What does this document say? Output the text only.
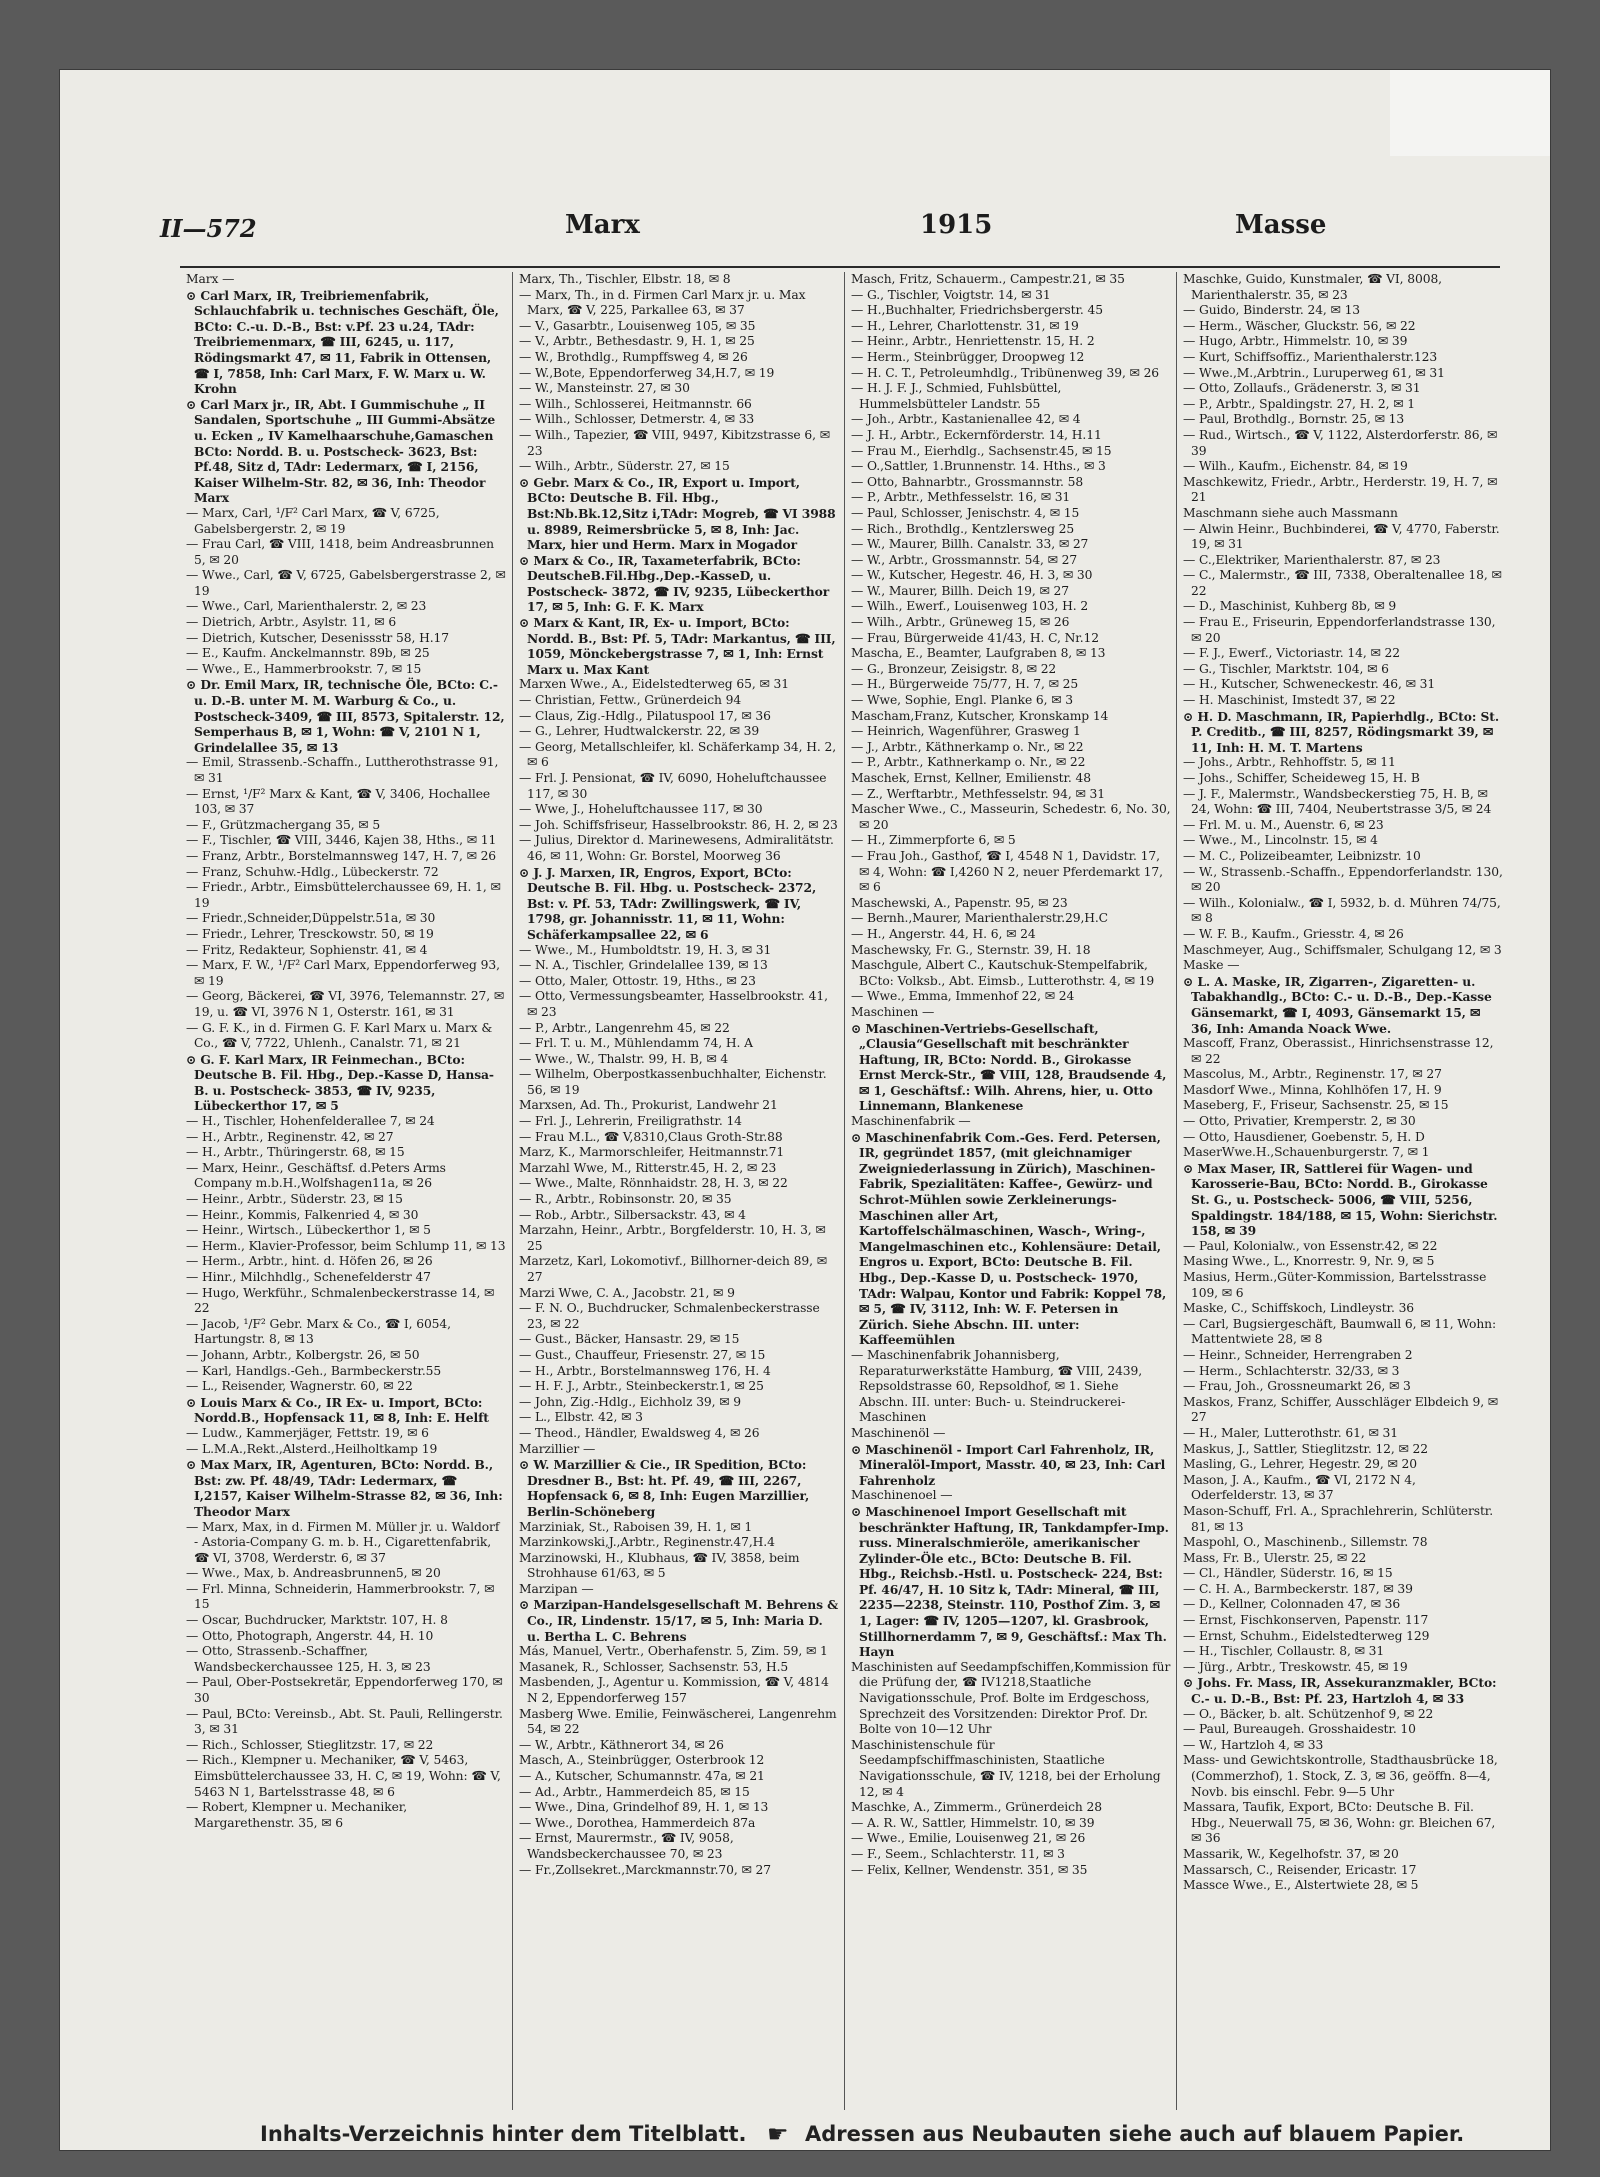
II—572	Marx	1915	Masse

Marx —

⊙ Carl Marx, IR, Treibriemenfabrik, Schlauchfabrik u. technisches Geschäft, Öle, BCto: C.-u. D.-B., Bst: v.Pf. 23 u.24, TAdr: Treibriemenmarx, ☎ III, 6245, u. 117, Rödingsmarkt 47, ✉ 11, Fabrik in Ottensen, ☎ I, 7858, Inh: Carl Marx, F. W. Marx u. W. Krohn

⊙ Carl Marx jr., IR, Abt. I Gummischuhe „ II Sandalen, Sportschuhe „ III Gummi-Absätze u. Ecken „ IV Kamelhaarschuhe,Gamaschen BCto: Nordd. B. u. Postscheck- 3623, Bst: Pf.48, Sitz d, TAdr: Ledermarx, ☎ I, 2156, Kaiser Wilhelm-Str. 82, ✉ 36, Inh: Theodor Marx

— Marx, Carl, ¹/F² Carl Marx, ☎ V, 6725, Gabelsbergerstr. 2, ✉ 19

— Frau Carl, ☎ VIII, 1418, beim Andreasbrunnen 5, ✉ 20

— Wwe., Carl, ☎ V, 6725, Gabelsbergerstrasse 2, ✉ 19

— Wwe., Carl, Marienthalerstr. 2, ✉ 23

— Dietrich, Arbtr., Asylstr. 11, ✉ 6

— Dietrich, Kutscher, Desenissstr 58, H.17

— E., Kaufm. Anckelmannstr. 89b, ✉ 25

— Wwe., E., Hammerbrookstr. 7, ✉ 15

⊙ Dr. Emil Marx, IR, technische Öle, BCto: C.- u. D.-B. unter M. M. Warburg & Co., u. Postscheck-3409, ☎ III, 8573, Spitalerstr. 12, Semperhaus B, ✉ 1, Wohn: ☎ V, 2101 N 1, Grindelallee 35, ✉ 13

— Emil, Strassenb.-Schaffn., Luttherothstrasse 91, ✉ 31

— Ernst, ¹/F² Marx & Kant, ☎ V, 3406, Hochallee 103, ✉ 37

— F., Grützmachergang 35, ✉ 5

— F., Tischler, ☎ VIII, 3446, Kajen 38, Hths., ✉ 11

— Franz, Arbtr., Borstelmannsweg 147, H. 7, ✉ 26

— Franz, Schuhw.-Hdlg., Lübeckerstr. 72

— Friedr., Arbtr., Eimsbüttelerchaussee 69, H. 1, ✉ 19

— Friedr.,Schneider,Düppelstr.51a, ✉ 30

— Friedr., Lehrer, Tresckowstr. 50, ✉ 19

— Fritz, Redakteur, Sophienstr. 41, ✉ 4

— Marx, F. W., ¹/F² Carl Marx, Eppendorferweg 93, ✉ 19

— Georg, Bäckerei, ☎ VI, 3976, Telemannstr. 27, ✉ 19, u. ☎ VI, 3976 N 1, Osterstr. 161, ✉ 31

— G. F. K., in d. Firmen G. F. Karl Marx u. Marx & Co., ☎ V, 7722, Uhlenh., Canalstr. 71, ✉ 21

⊙ G. F. Karl Marx, IR Feinmechan., BCto: Deutsche B. Fil. Hbg., Dep.-Kasse D, Hansa-B. u. Postscheck- 3853, ☎ IV, 9235, Lübeckerthor 17, ✉ 5

— H., Tischler, Hohenfelderallee 7, ✉ 24

— H., Arbtr., Reginenstr. 42, ✉ 27

— H., Arbtr., Thüringerstr. 68, ✉ 15

— Marx, Heinr., Geschäftsf. d.Peters Arms Company m.b.H.,Wolfshagen11a, ✉ 26

— Heinr., Arbtr., Süderstr. 23, ✉ 15

— Heinr., Kommis, Falkenried 4, ✉ 30

— Heinr., Wirtsch., Lübeckerthor 1, ✉ 5

— Herm., Klavier-Professor, beim Schlump 11, ✉ 13

— Herm., Arbtr., hint. d. Höfen 26, ✉ 26

— Hinr., Milchhdlg., Schenefelderstr 47

— Hugo, Werkführ., Schmalenbeckerstrasse 14, ✉ 22

— Jacob, ¹/F² Gebr. Marx & Co., ☎ I, 6054, Hartungstr. 8, ✉ 13

— Johann, Arbtr., Kolbergstr. 26, ✉ 50

— Karl, Handlgs.-Geh., Barmbeckerstr.55

— L., Reisender, Wagnerstr. 60, ✉ 22

⊙ Louis Marx & Co., IR Ex- u. Import, BCto: Nordd.B., Hopfensack 11, ✉ 8, Inh: E. Helft

— Ludw., Kammerjäger, Fettstr. 19, ✉ 6

— L.M.A.,Rekt.,Alsterd.,Heilholtkamp 19

⊙ Max Marx, IR, Agenturen, BCto: Nordd. B., Bst: zw. Pf. 48/49, TAdr: Ledermarx, ☎ I,2157, Kaiser Wilhelm-Strasse 82, ✉ 36, Inh: Theodor Marx

— Marx, Max, in d. Firmen M. Müller jr. u. Waldorf - Astoria-Company G. m. b. H., Cigarettenfabrik, ☎ VI, 3708, Werderstr. 6, ✉ 37

— Wwe., Max, b. Andreasbrunnen5, ✉ 20

— Frl. Minna, Schneiderin, Hammerbrookstr. 7, ✉ 15

— Oscar, Buchdrucker, Marktstr. 107, H. 8

— Otto, Photograph, Angerstr. 44, H. 10

— Otto, Strassenb.-Schaffner, Wandsbeckerchaussee 125, H. 3, ✉ 23

— Paul, Ober-Postsekretär, Eppendorferweg 170, ✉ 30

— Paul, BCto: Vereinsb., Abt. St. Pauli, Rellingerstr. 3, ✉ 31

— Rich., Schlosser, Stieglitzstr. 17, ✉ 22

— Rich., Klempner u. Mechaniker, ☎ V, 5463, Eimsbüttelerchaussee 33, H. C, ✉ 19, Wohn: ☎ V, 5463 N 1, Bartelsstrasse 48, ✉ 6

— Robert, Klempner u. Mechaniker, Margarethenstr. 35, ✉ 6

Marx, Th., Tischler, Elbstr. 18, ✉ 8

— Marx, Th., in d. Firmen Carl Marx jr. u. Max Marx, ☎ V, 225, Parkallee 63, ✉ 37

— V., Gasarbtr., Louisenweg 105, ✉ 35

— V., Arbtr., Bethesdastr. 9, H. 1, ✉ 25

— W., Brothdlg., Rumpffsweg 4, ✉ 26

— W.,Bote, Eppendorferweg 34,H.7, ✉ 19

— W., Mansteinstr. 27, ✉ 30

— Wilh., Schlosserei, Heitmannstr. 66

— Wilh., Schlosser, Detmerstr. 4, ✉ 33

— Wilh., Tapezier, ☎ VIII, 9497, Kibitzstrasse 6, ✉ 23

— Wilh., Arbtr., Süderstr. 27, ✉ 15

⊙ Gebr. Marx & Co., IR, Export u. Import, BCto: Deutsche B. Fil. Hbg., Bst:Nb.Bk.12,Sitz i,TAdr: Mogreb, ☎ VI 3988 u. 8989, Reimersbrücke 5, ✉ 8, Inh: Jac. Marx, hier und Herm. Marx in Mogador

⊙ Marx & Co., IR, Taxameterfabrik, BCto: DeutscheB.Fil.Hbg.,Dep.-KasseD, u. Postscheck- 3872, ☎ IV, 9235, Lübeckerthor 17, ✉ 5, Inh: G. F. K. Marx

⊙ Marx & Kant, IR, Ex- u. Import, BCto: Nordd. B., Bst: Pf. 5, TAdr: Markantus, ☎ III, 1059, Mönckebergstrasse 7, ✉ 1, Inh: Ernst Marx u. Max Kant

Marxen Wwe., A., Eidelstedterweg 65, ✉ 31

— Christian, Fettw., Grünerdeich 94

— Claus, Zig.-Hdlg., Pilatuspool 17, ✉ 36

— G., Lehrer, Hudtwalckerstr. 22, ✉ 39

— Georg, Metallschleifer, kl. Schäferkamp 34, H. 2, ✉ 6

— Frl. J. Pensionat, ☎ IV, 6090, Hoheluftchaussee 117, ✉ 30

— Wwe, J., Hoheluftchaussee 117, ✉ 30

— Joh. Schiffsfriseur, Hasselbrookstr. 86, H. 2, ✉ 23

— Julius, Direktor d. Marinewesens, Admiralitätstr. 46, ✉ 11, Wohn: Gr. Borstel, Moorweg 36

⊙ J. J. Marxen, IR, Engros, Export, BCto: Deutsche B. Fil. Hbg. u. Postscheck- 2372, Bst: v. Pf. 53, TAdr: Zwillingswerk, ☎ IV, 1798, gr. Johannisstr. 11, ✉ 11, Wohn: Schäferkampsallee 22, ✉ 6

— Wwe., M., Humboldtstr. 19, H. 3, ✉ 31

— N. A., Tischler, Grindelallee 139, ✉ 13

— Otto, Maler, Ottostr. 19, Hths., ✉ 23

— Otto, Vermessungsbeamter, Hasselbrookstr. 41, ✉ 23

— P., Arbtr., Langenrehm 45, ✉ 22

— Frl. T. u. M., Mühlendamm 74, H. A

— Wwe., W., Thalstr. 99, H. B, ✉ 4

— Wilhelm, Oberpostkassenbuchhalter, Eichenstr. 56, ✉ 19

Marxsen, Ad. Th., Prokurist, Landwehr 21

— Frl. J., Lehrerin, Freiligrathstr. 14

— Frau M.L., ☎ V,8310,Claus Groth-Str.88

Marz, K., Marmorschleifer, Heitmannstr.71

Marzahl Wwe, M., Ritterstr.45, H. 2, ✉ 23

— Wwe., Malte, Rönnhaidstr. 28, H. 3, ✉ 22

— R., Arbtr., Robinsonstr. 20, ✉ 35

— Rob., Arbtr., Silbersackstr. 43, ✉ 4

Marzahn, Heinr., Arbtr., Borgfelderstr. 10, H. 3, ✉ 25

Marzetz, Karl, Lokomotivf., Billhorner-deich 89, ✉ 27

Marzi Wwe, C. A., Jacobstr. 21, ✉ 9

— F. N. O., Buchdrucker, Schmalenbeckerstrasse 23, ✉ 22

— Gust., Bäcker, Hansastr. 29, ✉ 15

— Gust., Chauffeur, Friesenstr. 27, ✉ 15

— H., Arbtr., Borstelmannsweg 176, H. 4

— H. F. J., Arbtr., Steinbeckerstr.1, ✉ 25

— John, Zig.-Hdlg., Eichholz 39, ✉ 9

— L., Elbstr. 42, ✉ 3

— Theod., Händler, Ewaldsweg 4, ✉ 26

Marzillier —

⊙ W. Marzillier & Cie., IR Spedition, BCto: Dresdner B., Bst: ht. Pf. 49, ☎ III, 2267, Hopfensack 6, ✉ 8, Inh: Eugen Marzillier, Berlin-Schöneberg

Marziniak, St., Raboisen 39, H. 1, ✉ 1

Marzinkowski,J.,Arbtr., Reginenstr.47,H.4

Marzinowski, H., Klubhaus, ☎ IV, 3858, beim Strohhause 61/63, ✉ 5

Marzipan —

⊙ Marzipan-Handelsgesellschaft M. Behrens & Co., IR, Lindenstr. 15/17, ✉ 5, Inh: Maria D. u. Bertha L. C. Behrens

Más, Manuel, Vertr., Oberhafenstr. 5, Zim. 59, ✉ 1

Masanek, R., Schlosser, Sachsenstr. 53, H.5

Masbenden, J., Agentur u. Kommission, ☎ V, 4814 N 2, Eppendorferweg 157

Masberg Wwe. Emilie, Feinwäscherei, Langenrehm 54, ✉ 22

— W., Arbtr., Käthnerort 34, ✉ 26

Masch, A., Steinbrügger, Osterbrook 12

— A., Kutscher, Schumannstr. 47a, ✉ 21

— Ad., Arbtr., Hammerdeich 85, ✉ 15

— Wwe., Dina, Grindelhof 89, H. 1, ✉ 13

— Wwe., Dorothea, Hammerdeich 87a

— Ernst, Maurermstr., ☎ IV, 9058, Wandsbeckerchaussee 70, ✉ 23

— Fr.,Zollsekret.,Marckmannstr.70, ✉ 27

Masch, Fritz, Schauerm., Campestr.21, ✉ 35

— G., Tischler, Voigtstr. 14, ✉ 31

— H.,Buchhalter, Friedrichsbergerstr. 45

— H., Lehrer, Charlottenstr. 31, ✉ 19

— Heinr., Arbtr., Henriettenstr. 15, H. 2

— Herm., Steinbrügger, Droopweg 12

— H. C. T., Petroleumhdlg., Tribünenweg 39, ✉ 26

— H. J. F. J., Schmied, Fuhlsbüttel, Hummelsbütteler Landstr. 55

— Joh., Arbtr., Kastanienallee 42, ✉ 4

— J. H., Arbtr., Eckernförderstr. 14, H.11

— Frau M., Eierhdlg., Sachsenstr.45, ✉ 15

— O.,Sattler, 1.Brunnenstr. 14. Hths., ✉ 3

— Otto, Bahnarbtr., Grossmannstr. 58

— P., Arbtr., Methfesselstr. 16, ✉ 31

— Paul, Schlosser, Jenischstr. 4, ✉ 15

— Rich., Brothdlg., Kentzlersweg 25

— W., Maurer, Billh. Canalstr. 33, ✉ 27

— W., Arbtr., Grossmannstr. 54, ✉ 27

— W., Kutscher, Hegestr. 46, H. 3, ✉ 30

— W., Maurer, Billh. Deich 19, ✉ 27

— Wilh., Ewerf., Louisenweg 103, H. 2

— Wilh., Arbtr., Grüneweg 15, ✉ 26

— Frau, Bürgerweide 41/43, H. C, Nr.12

Mascha, E., Beamter, Laufgraben 8, ✉ 13

— G., Bronzeur, Zeisigstr. 8, ✉ 22

— H., Bürgerweide 75/77, H. 7, ✉ 25

— Wwe, Sophie, Engl. Planke 6, ✉ 3

Mascham,Franz, Kutscher, Kronskamp 14

— Heinrich, Wagenführer, Grasweg 1

— J., Arbtr., Käthnerkamp o. Nr., ✉ 22

— P., Arbtr., Kathnerkamp o. Nr., ✉ 22

Maschek, Ernst, Kellner, Emilienstr. 48

— Z., Werftarbtr., Methfesselstr. 94, ✉ 31

Mascher Wwe., C., Masseurin, Schedestr. 6, No. 30, ✉ 20

— H., Zimmerpforte 6, ✉ 5

— Frau Joh., Gasthof, ☎ I, 4548 N 1, Davidstr. 17, ✉ 4, Wohn: ☎ I,4260 N 2, neuer Pferdemarkt 17, ✉ 6

Maschewski, A., Papenstr. 95, ✉ 23

— Bernh.,Maurer, Marienthalerstr.29,H.C

— H., Angerstr. 44, H. 6, ✉ 24

Maschewsky, Fr. G., Sternstr. 39, H. 18

Maschgule, Albert C., Kautschuk-Stempelfabrik, BCto: Volksb., Abt. Eimsb., Lutterothstr. 4, ✉ 19

— Wwe., Emma, Immenhof 22, ✉ 24

Maschinen —

⊙ Maschinen-Vertriebs-Gesellschaft,„Clausia“Gesellschaft mit beschränkter Haftung, IR, BCto: Nordd. B., Girokasse Ernst Merck-Str., ☎ VIII, 128, Braudsende 4, ✉ 1, Geschäftsf.: Wilh. Ahrens, hier, u. Otto Linnemann, Blankenese

Maschinenfabrik —

⊙ Maschinenfabrik Com.-Ges. Ferd. Petersen, IR, gegründet 1857, (mit gleichnamiger Zweigniederlassung in Zürich), Maschinen-Fabrik, Spezialitäten: Kaffee-, Gewürz- und Schrot-Mühlen sowie Zerkleinerungs-Maschinen aller Art, Kartoffelschälmaschinen, Wasch-, Wring-, Mangelmaschinen etc., Kohlensäure: Detail, Engros u. Export, BCto: Deutsche B. Fil. Hbg., Dep.-Kasse D, u. Postscheck- 1970, TAdr: Walpau, Kontor und Fabrik: Koppel 78, ✉ 5, ☎ IV, 3112, Inh: W. F. Petersen in Zürich. Siehe Abschn. III. unter: Kaffeemühlen

— Maschinenfabrik Johannisberg, Reparaturwerkstätte Hamburg, ☎ VIII, 2439, Repsoldstrasse 60, Repsoldhof, ✉ 1. Siehe Abschn. III. unter: Buch- u. Steindruckerei-Maschinen

Maschinenöl —

⊙ Maschinenöl - Import Carl Fahrenholz, IR, Mineralöl-Import, Masstr. 40, ✉ 23, Inh: Carl Fahrenholz

Maschinenoel —

⊙ Maschinenoel Import Gesellschaft mit beschränkter Haftung, IR, Tankdampfer-Imp. russ. Mineralschmieröle, amerikanischer Zylinder-Öle etc., BCto: Deutsche B. Fil. Hbg., Reichsb.-Hstl. u. Postscheck- 224, Bst: Pf. 46/47, H. 10 Sitz k, TAdr: Mineral, ☎ III, 2235—2238, Steinstr. 110, Posthof Zim. 3, ✉ 1, Lager: ☎ IV, 1205—1207, kl. Grasbrook, Stillhornerdamm 7, ✉ 9, Geschäftsf.: Max Th. Hayn

Maschinisten auf Seedampfschiffen,Kommission für die Prüfung der, ☎ IV1218,Staatliche Navigationsschule, Prof. Bolte im Erdgeschoss, Sprechzeit des Vorsitzenden: Direktor Prof. Dr. Bolte von 10—12 Uhr

Maschinistenschule für Seedampfschiffmaschinisten, Staatliche Navigationsschule, ☎ IV, 1218, bei der Erholung 12, ✉ 4

Maschke, A., Zimmerm., Grünerdeich 28

— A. R. W., Sattler, Himmelstr. 10, ✉ 39

— Wwe., Emilie, Louisenweg 21, ✉ 26

— F., Seem., Schlachterstr. 11, ✉ 3

— Felix, Kellner, Wendenstr. 351, ✉ 35

Maschke, Guido, Kunstmaler, ☎ VI, 8008, Marienthalerstr. 35, ✉ 23

— Guido, Binderstr. 24, ✉ 13

— Herm., Wäscher, Gluckstr. 56, ✉ 22

— Hugo, Arbtr., Himmelstr. 10, ✉ 39

— Kurt, Schiffsoffiz., Marienthalerstr.123

— Wwe.,M.,Arbtrin., Luruperweg 61, ✉ 31

— Otto, Zollaufs., Grädenerstr. 3, ✉ 31

— P., Arbtr., Spaldingstr. 27, H. 2, ✉ 1

— Paul, Brothdlg., Bornstr. 25, ✉ 13

— Rud., Wirtsch., ☎ V, 1122, Alsterdorferstr. 86, ✉ 39

— Wilh., Kaufm., Eichenstr. 84, ✉ 19

Maschkewitz, Friedr., Arbtr., Herderstr. 19, H. 7, ✉ 21

Maschmann siehe auch Massmann

— Alwin Heinr., Buchbinderei, ☎ V, 4770, Faberstr. 19, ✉ 31

— C.,Elektriker, Marienthalerstr. 87, ✉ 23

— C., Malermstr., ☎ III, 7338, Oberaltenallee 18, ✉ 22

— D., Maschinist, Kuhberg 8b, ✉ 9

— Frau E., Friseurin, Eppendorferlandstrasse 130, ✉ 20

— F. J., Ewerf., Victoriastr. 14, ✉ 22

— G., Tischler, Marktstr. 104, ✉ 6

— H., Kutscher, Schweneckestr. 46, ✉ 31

— H. Maschinist, Imstedt 37, ✉ 22

⊙ H. D. Maschmann, IR, Papierhdlg., BCto: St. P. Creditb., ☎ III, 8257, Rödingsmarkt 39, ✉ 11, Inh: H. M. T. Martens

— Johs., Arbtr., Rehhoffstr. 5, ✉ 11

— Johs., Schiffer, Scheideweg 15, H. B

— J. F., Malermstr., Wandsbeckerstieg 75, H. B, ✉ 24, Wohn: ☎ III, 7404, Neubertstrasse 3/5, ✉ 24

— Frl. M. u. M., Auenstr. 6, ✉ 23

— Wwe., M., Lincolnstr. 15, ✉ 4

— M. C., Polizeibeamter, Leibnizstr. 10

— W., Strassenb.-Schaffn., Eppendorferlandstr. 130, ✉ 20

— Wilh., Kolonialw., ☎ I, 5932, b. d. Mühren 74/75, ✉ 8

— W. F. B., Kaufm., Griesstr. 4, ✉ 26

Maschmeyer, Aug., Schiffsmaler, Schulgang 12, ✉ 3

Maske —

⊙ L. A. Maske, IR, Zigarren-, Zigaretten- u. Tabakhandlg., BCto: C.- u. D.-B., Dep.-Kasse Gänsemarkt, ☎ I, 4093, Gänsemarkt 15, ✉ 36, Inh: Amanda Noack Wwe.

Mascoff, Franz, Oberassist., Hinrichsenstrasse 12, ✉ 22

Mascolus, M., Arbtr., Reginenstr. 17, ✉ 27

Masdorf Wwe., Minna, Kohlhöfen 17, H. 9

Maseberg, F., Friseur, Sachsenstr. 25, ✉ 15

— Otto, Privatier, Kremperstr. 2, ✉ 30

— Otto, Hausdiener, Goebenstr. 5, H. D

MaserWwe.H.,Schauenburgerstr. 7, ✉ 1

⊙ Max Maser, IR, Sattlerei für Wagen- und Karosserie-Bau, BCto: Nordd. B., Girokasse St. G., u. Postscheck- 5006, ☎ VIII, 5256, Spaldingstr. 184/188, ✉ 15, Wohn: Sierichstr. 158, ✉ 39

— Paul, Kolonialw., von Essenstr.42, ✉ 22

Masing Wwe., L., Knorrestr. 9, Nr. 9, ✉ 5

Masius, Herm.,Güter-Kommission, Bartelsstrasse 109, ✉ 6

Maske, C., Schiffskoch, Lindleystr. 36

— Carl, Bugsiergeschäft, Baumwall 6, ✉ 11, Wohn: Mattentwiete 28, ✉ 8

— Heinr., Schneider, Herrengraben 2

— Herm., Schlachterstr. 32/33, ✉ 3

— Frau, Joh., Grossneumarkt 26, ✉ 3

Maskos, Franz, Schiffer, Ausschläger Elbdeich 9, ✉ 27

— H., Maler, Lutterothstr. 61, ✉ 31

Maskus, J., Sattler, Stieglitzstr. 12, ✉ 22

Masling, G., Lehrer, Hegestr. 29, ✉ 20

Mason, J. A., Kaufm., ☎ VI, 2172 N 4, Oderfelderstr. 13, ✉ 37

Mason-Schuff, Frl. A., Sprachlehrerin, Schlüterstr. 81, ✉ 13

Maspohl, O., Maschinenb., Sillemstr. 78

Mass, Fr. B., Ulerstr. 25, ✉ 22

— Cl., Händler, Süderstr. 16, ✉ 15

— C. H. A., Barmbeckerstr. 187, ✉ 39

— D., Kellner, Colonnaden 47, ✉ 36

— Ernst, Fischkonserven, Papenstr. 117

— Ernst, Schuhm., Eidelstedterweg 129

— H., Tischler, Collaustr. 8, ✉ 31

— Jürg., Arbtr., Treskowstr. 45, ✉ 19

⊙ Johs. Fr. Mass, IR, Assekuranzmakler, BCto: C.- u. D.-B., Bst: Pf. 23, Hartzloh 4, ✉ 33

— O., Bäcker, b. alt. Schützenhof 9, ✉ 22

— Paul, Bureaugeh. Grosshaidestr. 10

— W., Hartzloh 4, ✉ 33

Mass- und Gewichtskontrolle, Stadthausbrücke 18, (Commerzhof), 1. Stock, Z. 3, ✉ 36, geöffn. 8—4, Novb. bis einschl. Febr. 9—5 Uhr

Massara, Taufik, Export, BCto: Deutsche B. Fil. Hbg., Neuerwall 75, ✉ 36, Wohn: gr. Bleichen 67, ✉ 36

Massarik, W., Kegelhofstr. 37, ✉ 20

Massarsch, C., Reisender, Ericastr. 17

Massce Wwe., E., Alstertwiete 28, ✉ 5

Inhalts-Verzeichnis hinter dem Titelblatt. ☛ Adressen aus Neubauten siehe auch auf blauem Papier.
